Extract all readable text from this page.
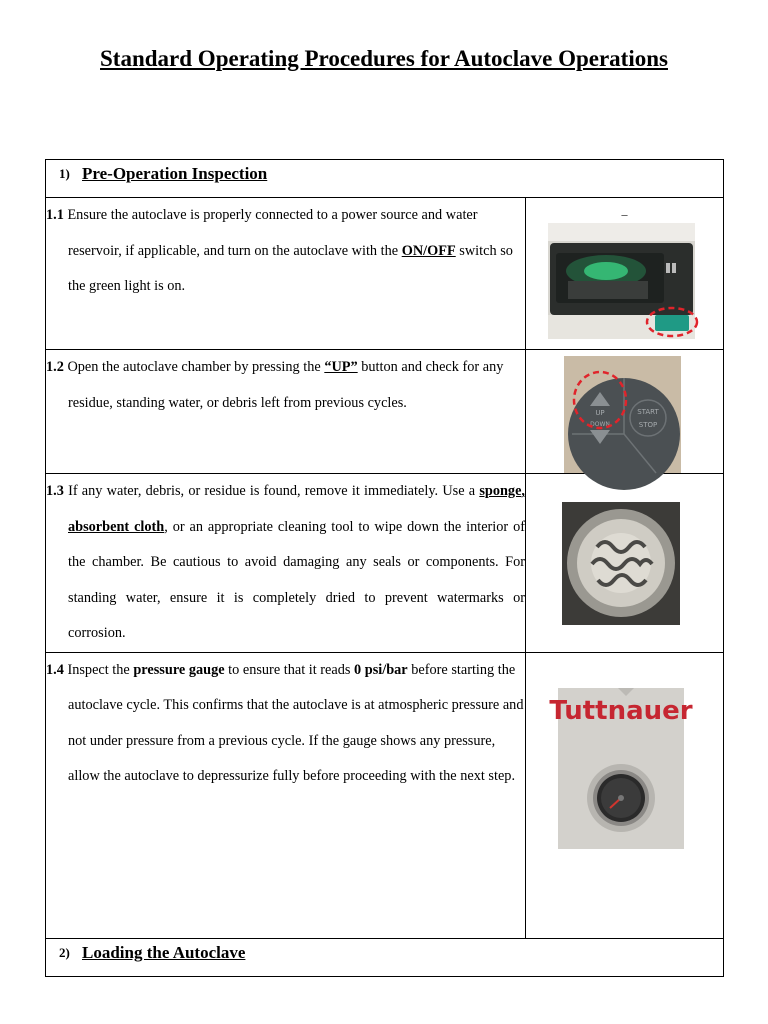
Standard Operating Procedures for Autoclave Operations
1) Pre-Operation Inspection	

1.1 Ensure the autoclave is properly connected to a power source and water reservoir, if applicable, and turn on the autoclave with the ON/OFF switch so the green light is on.	_

1.2 Open the autoclave chamber by pressing the “UP” button and check for any residue, standing water, or debris left from previous cycles.	UP
DOWN
START
STOP

1.3 If any water, debris, or residue is found, remove it immediately. Use a sponge, absorbent cloth, or an appropriate cleaning tool to wipe down the interior of the chamber. Be cautious to avoid damaging any seals or components. For standing water, ensure it is completely dried to prevent watermarks or corrosion.

1.4 Inspect the pressure gauge to ensure that it reads 0 psi/bar before starting the autoclave cycle. This confirms that the autoclave is at atmospheric pressure and not under pressure from a previous cycle. If the gauge shows any pressure, allow the autoclave to depressurize fully before proceeding with the next step.	Tuttnauer

2) Loading the Autoclave	
